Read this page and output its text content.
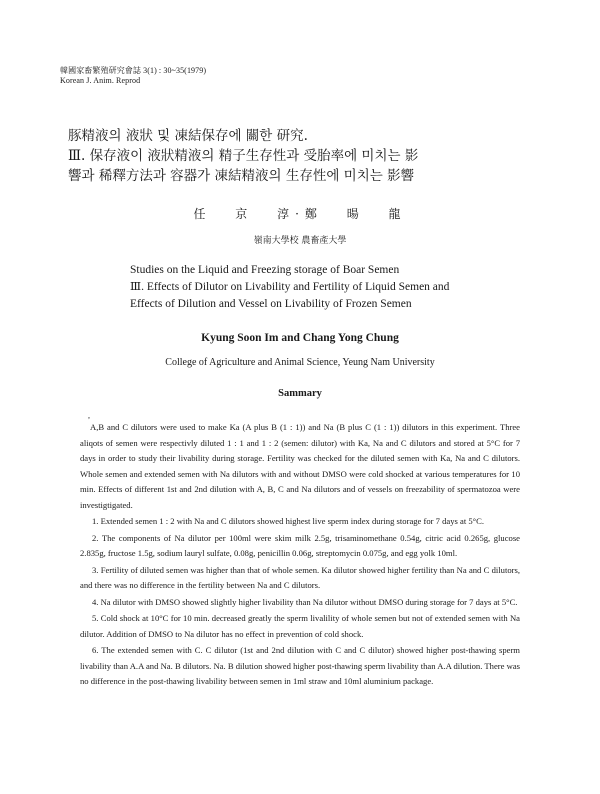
韓國家畜繁殖研究會誌 3(1) : 30~35(1979)
Korean J. Anim. Reprod
豚精液의 液狀 및 凍結保存에 關한 研究.
Ⅲ. 保存液이 液狀精液의 精子生存性과 受胎率에 미치는 影
響과 稀釋方法과 容器가 凍結精液의 生存性에 미치는 影響
任 京 淳·鄭 暘 龍
嶺南大學校 農畜產大學
Studies on the Liquid and Freezing storage of Boar Semen
Ⅲ. Effects of Dilutor on Livability and Fertility of Liquid Semen and
Effects of Dilution and Vessel on Livability of Frozen Semen
Kyung Soon Im and Chang Yong Chung
College of Agriculture and Animal Science, Yeung Nam University
Sammary
,

A,B and C dilutors were used to make Ka (A plus B (1 : 1)) and Na (B plus C (1 : 1)) dilutors in this experiment. Three aliqots of semen were respectivly diluted 1 : 1 and 1 : 2 (semen: dilutor) with Ka, Na and C dilutors and stored at 5°C for 7 days in order to study their livability during storage. Fertility was checked for the diluted semen with Ka, Na and C dilutors. Whole semen and extended semen with Na dilutors with and without DMSO were cold shocked at various temperatures for 10 min. Effects of different 1st and 2nd dilution with A, B, C and Na dilutors and of vessels on freezability of spermatozoa were investigtigated.

1. Extended semen 1 : 2 with Na and C dilutors showed highest live sperm index during storage for 7 days at 5°C.

2. The components of Na dilutor per 100ml were skim milk 2.5g, trisaminomethane 0.54g, citric acid 0.265g, glucose 2.835g, fructose 1.5g, sodium lauryl sulfate, 0.08g, penicillin 0.06g, streptomycin 0.075g, and egg yolk 10ml.

3. Fertility of diluted semen was higher than that of whole semen. Ka dilutor showed higher fertility than Na and C dilutors, and there was no difference in the fertility between Na and C dilutors.

4. Na dilutor with DMSO showed slightly higher livability than Na dilutor without DMSO during storage for 7 days at 5°C.

5. Cold shock at 10°C for 10 min. decreased greatly the sperm livalility of whole semen but not of extended semen with Na dilutor. Addition of DMSO to Na dilutor has no effect in prevention of cold shock.

6. The extended semen with C. C dilutor (1st and 2nd dilution with C and C dilutor) showed higher post-thawing sperm livability than A.A and Na. B dilutors. Na. B dilution showed higher post-thawing sperm livability than A.A dilution. There was no difference in the post-thawing livability between semen in 1ml straw and 10ml aluminium package.
